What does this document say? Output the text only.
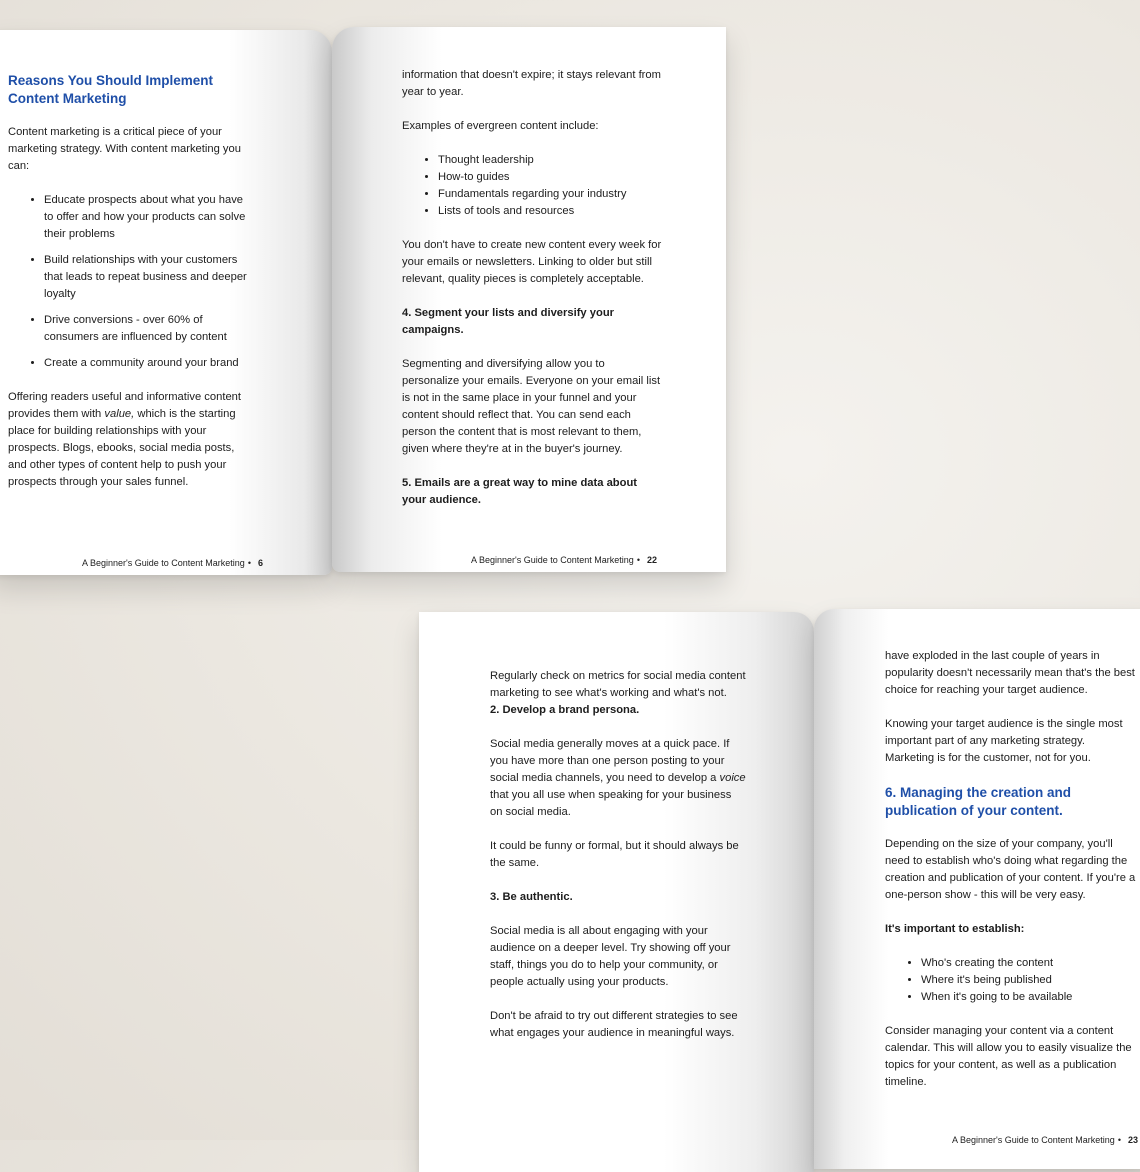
Reasons You Should Implement Content Marketing

Content marketing is a critical piece of your marketing strategy. With content marketing you can:

• Educate prospects about what you have to offer and how your products can solve their problems
• Build relationships with your customers that leads to repeat business and deeper loyalty
• Drive conversions - over 60% of consumers are influenced by content
• Create a community around your brand

Offering readers useful and informative content provides them with value, which is the starting place for building relationships with your prospects. Blogs, ebooks, social media posts, and other types of content help to push your prospects through your sales funnel.

A Beginner's Guide to Content Marketing • 6

information that doesn't expire; it stays relevant from year to year.

Examples of evergreen content include:

• Thought leadership
• How-to guides
• Fundamentals regarding your industry
• Lists of tools and resources

You don't have to create new content every week for your emails or newsletters. Linking to older but still relevant, quality pieces is completely acceptable.

4. Segment your lists and diversify your campaigns.

Segmenting and diversifying allow you to personalize your emails. Everyone on your email list is not in the same place in your funnel and your content should reflect that. You can send each person the content that is most relevant to them, given where they're at in the buyer's journey.

5. Emails are a great way to mine data about your audience.

A Beginner's Guide to Content Marketing • 22

Regularly check on metrics for social media content marketing to see what's working and what's not.

2. Develop a brand persona.

Social media generally moves at a quick pace. If you have more than one person posting to your social media channels, you need to develop a voice that you all use when speaking for your business on social media.

It could be funny or formal, but it should always be the same.

3. Be authentic.

Social media is all about engaging with your audience on a deeper level. Try showing off your staff, things you do to help your community, or people actually using your products.

Don't be afraid to try out different strategies to see what engages your audience in meaningful ways.

have exploded in the last couple of years in popularity doesn't necessarily mean that's the best choice for reaching your target audience.

Knowing your target audience is the single most important part of any marketing strategy. Marketing is for the customer, not for you.

6. Managing the creation and publication of your content.

Depending on the size of your company, you'll need to establish who's doing what regarding the creation and publication of your content. If you're a one-person show - this will be very easy.

It's important to establish:

• Who's creating the content
• Where it's being published
• When it's going to be available

Consider managing your content via a content calendar. This will allow you to easily visualize the topics for your content, as well as a publication timeline.

A Beginner's Guide to Content Marketing • 23
